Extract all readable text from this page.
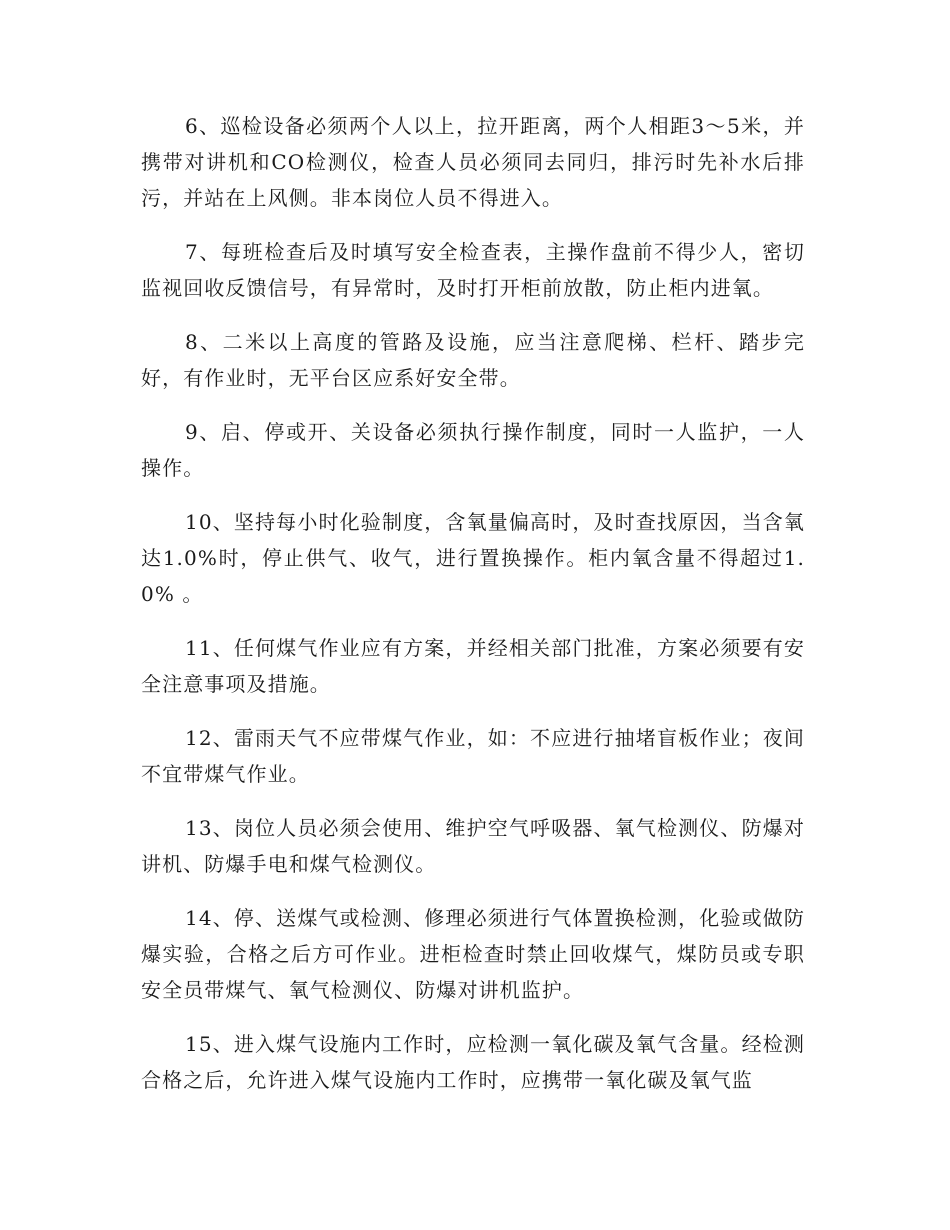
6、巡检设备必须两个人以上，拉开距离，两个人相距3～5米，并携带对讲机和CO检测仪，检查人员必须同去同归，排污时先补水后排污，并站在上风侧。非本岗位人员不得进入。

7、每班检查后及时填写安全检查表，主操作盘前不得少人，密切监视回收反馈信号，有异常时，及时打开柜前放散，防止柜内进氧。

8、二米以上高度的管路及设施，应当注意爬梯、栏杆、踏步完好，有作业时，无平台区应系好安全带。

9、启、停或开、关设备必须执行操作制度，同时一人监护，一人操作。

10、坚持每小时化验制度，含氧量偏高时，及时查找原因，当含氧达1.0%时，停止供气、收气，进行置换操作。柜内氧含量不得超过1.0% 。

11、任何煤气作业应有方案，并经相关部门批准，方案必须要有安全注意事项及措施。

12、雷雨天气不应带煤气作业，如：不应进行抽堵盲板作业；夜间不宜带煤气作业。

13、岗位人员必须会使用、维护空气呼吸器、氧气检测仪、防爆对讲机、防爆手电和煤气检测仪。

14、停、送煤气或检测、修理必须进行气体置换检测，化验或做防爆实验，合格之后方可作业。进柜检查时禁止回收煤气，煤防员或专职安全员带煤气、氧气检测仪、防爆对讲机监护。

15、进入煤气设施内工作时，应检测一氧化碳及氧气含量。经检测合格之后，允许进入煤气设施内工作时，应携带一氧化碳及氧气监
